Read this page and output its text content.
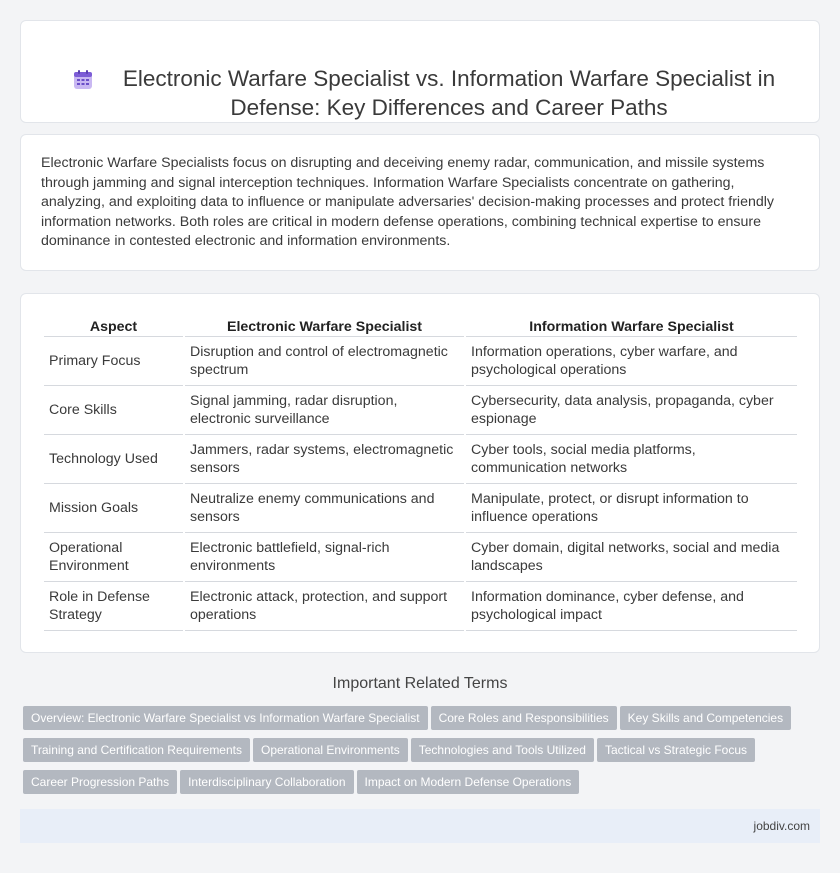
Electronic Warfare Specialist vs. Information Warfare Specialist in Defense: Key Differences and Career Paths

Electronic Warfare Specialists focus on disrupting and deceiving enemy radar, communication, and missile systems through jamming and signal interception techniques. Information Warfare Specialists concentrate on gathering, analyzing, and exploiting data to influence or manipulate adversaries' decision-making processes and protect friendly information networks. Both roles are critical in modern defense operations, combining technical expertise to ensure dominance in contested electronic and information environments.

Aspect	Electronic Warfare Specialist	Information Warfare Specialist
Primary Focus	Disruption and control of electromagnetic spectrum	Information operations, cyber warfare, and psychological operations
Core Skills	Signal jamming, radar disruption, electronic surveillance	Cybersecurity, data analysis, propaganda, cyber espionage
Technology Used	Jammers, radar systems, electromagnetic sensors	Cyber tools, social media platforms, communication networks
Mission Goals	Neutralize enemy communications and sensors	Manipulate, protect, or disrupt information to influence operations
Operational Environment	Electronic battlefield, signal-rich environments	Cyber domain, digital networks, social and media landscapes
Role in Defense Strategy	Electronic attack, protection, and support operations	Information dominance, cyber defense, and psychological impact
Important Related Terms
Overview: Electronic Warfare Specialist vs Information Warfare Specialist Core Roles and Responsibilities Key Skills and Competencies
Training and Certification Requirements Operational Environments Technologies and Tools Utilized Tactical vs Strategic Focus
Career Progression Paths Interdisciplinary Collaboration Impact on Modern Defense Operations
jobdiv.com
